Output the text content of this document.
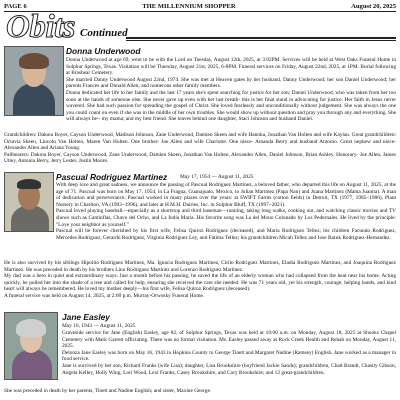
PAGE 6	THE MILLENNIUM SHOPPER	August 20, 2025
Obits Continued
Donna Underwood

Donna Underwood at age 69, went to be with the Lord on Tuesday, August 12th, 2025, at 3:02PM. Services will be held at West Oaks Funeral Home in Sulphur Springs, Texas. Visitation will be Thursday, August 21st, 2025, 6-8PM. Funeral services on Friday, August 22nd, 2025, at 1PM. Burial following at Brashear Cemetery.

She married Danny Underwood August 22nd, 1974. She was met at Heaven gates by her husband, Danny Underwood; her son Daniel Underwood; her parents Frances and Donald Allen; and numerous other family members.

Donna dedicated her life to her family and the last 17 years she's spent searching for justice for her son; Daniel Underwood, who was taken from her too soon at the hands of someone else. She never gave up even with her last breath- this is her final stand in advocating for justice. Her faith in Jesus never wavered. She had such passion for spreading the gospel of Christ. She loved fearlessly and unconditionally without judgement. She was always the one you could count on even if she was in the middle of her own troubles. She would show up without question and pray you through any and everything. She will always be-- my mama; and my best friend. She leaves behind one daughter, Staci Johnson and husband Daniel.

Grandchildren: Dakota Boyer, Cayson Underwood, Madison Johnson, Zane Underwood, Damien Skeen and wife Hannha, Jonathan Van Holten and wife Kaylan. Great grandchildren: Octavia Skeen, Lincoln Van Holten, Maren Van Holten. One brother- Joe Allen and wife Charlotte. One niece- Amanda Berry and husband Antonio. Great nephew and niece- Alexander Allen and Ariana Young.

Pallbearers: Dakota Boyer, Cayson Underwood, Zane Underwood, Damien Skeen, Jonathan Van Holten, Alexander Allen, Daniel Johnson, Brian Ashley. Honorary- Joe Allen, James Utley, Antonia Berry, Jerry Lester, Justin Moore.

Pascual Rodriguez Martinez May 17, 1954 — August 11, 2025

With deep love and great sadness, we announce the passing of Pascual Rodriguez Martinez, a beloved father, who departed this life on August 11, 2025, at the age of 71. Pascual was born on May 17, 1954, in La Fragua, Guanajuato, Mexico, to Julian Martinez (Papa Nan) and Juana Martinez (Mama Juanita). A man of dedication and perseverance, Pascual worked in many places over the years: at SWIFT Farms (cotton fields) in Detroit, TX (1977, 1985~1986), Plant Nursery in Charlton, VA (1993~1996), and later at H.M.H. Dairies, Inc. in Sulphur Bluff, TX (1997~2021).

Pascual loved playing baseball—especially as a shortstop and third baseman—running, taking long walks, cooking out, and watching classic movies and TV shows such as Cantinflas, Chavo del Ocho, and La India Maria. His favorite song was La del Mono Colonado by Los Pedernales. He lived by the principle: "Love your neighbor as yourself."

Pascual will be forever cherished by his first wife, Felisa Quiroz Rodriguez (deceased), and Maria Rodriguez Tellez; his children Facundo Rodriguez, Mercedes Rodriguez, Gerardo Rodriguez, Virginia Rodriguez Ley, and Fatima Tellez; his grandchildren Micah Tellez and Jose Baruk Rodriguez-Hernandez.

He is also survived by his siblings Hipolito Rodriguez Martinez, Ma. Ignacia Rodriguez Martinez, Cirilo Rodriguez Martinez, Eladia Rodriguez Martinez, and Joaquina Rodriguez Martinez. He was preceded in death by his brothers Lino Rodriguez Martinez and Lorenzo Rodriguez Martinez.

My dad was a hero in quiet and extraordinary ways. Just a month before his passing, he saved the life of an elderly woman who had collapsed from the heat near his home. Acting quickly, he pulled her into the shade of a tree and called for help, ensuring she received the care she needed. He was 71 years old, yet his strength, courage, helping hands, and kind heart will always be remembered. He loved my mother deeply—his first wife, Felisa Quiroz Rodriguez (deceased).

A funeral service was held on August 14, 2025, at 2:00 p.m. Murray-Orwosky Funeral Home.

Jane Easley
May 16, 1943 — August 11, 2025

Graveside service for Jane (English) Easley, age 82, of Sulphur Springs, Texas was held at 10:00 a.m. on Monday, August 18, 2025 at Shooks Chapel Cemetery with Mark Garrett officiating. There was no formal visitation. Ms. Easley passed away at Rock Creek Health and Rehab on Monday, August 11, 2025.

Delonza Jane Easley was born on May 16, 1943 in Hopkins County to George Tinett and Margaret Nadine (Ramsey) English. Jane worked as a manager in food service.

Jane is survived by her son, Richard Franks (wife Lisa); daughter, Lisa Brookshire (boyfriend Jackie Sands); grandchildren, Chad Brandt, Chasity Gibson, Angela Kelley, Holly Wing, Lori Wood, Lexi Franks, Casey Brookshire, and Cory Brookshire; and 12 great-grandchildren.

She was preceded in death by her parents, Tinett and Nadine English; and sister, Maxine George.
